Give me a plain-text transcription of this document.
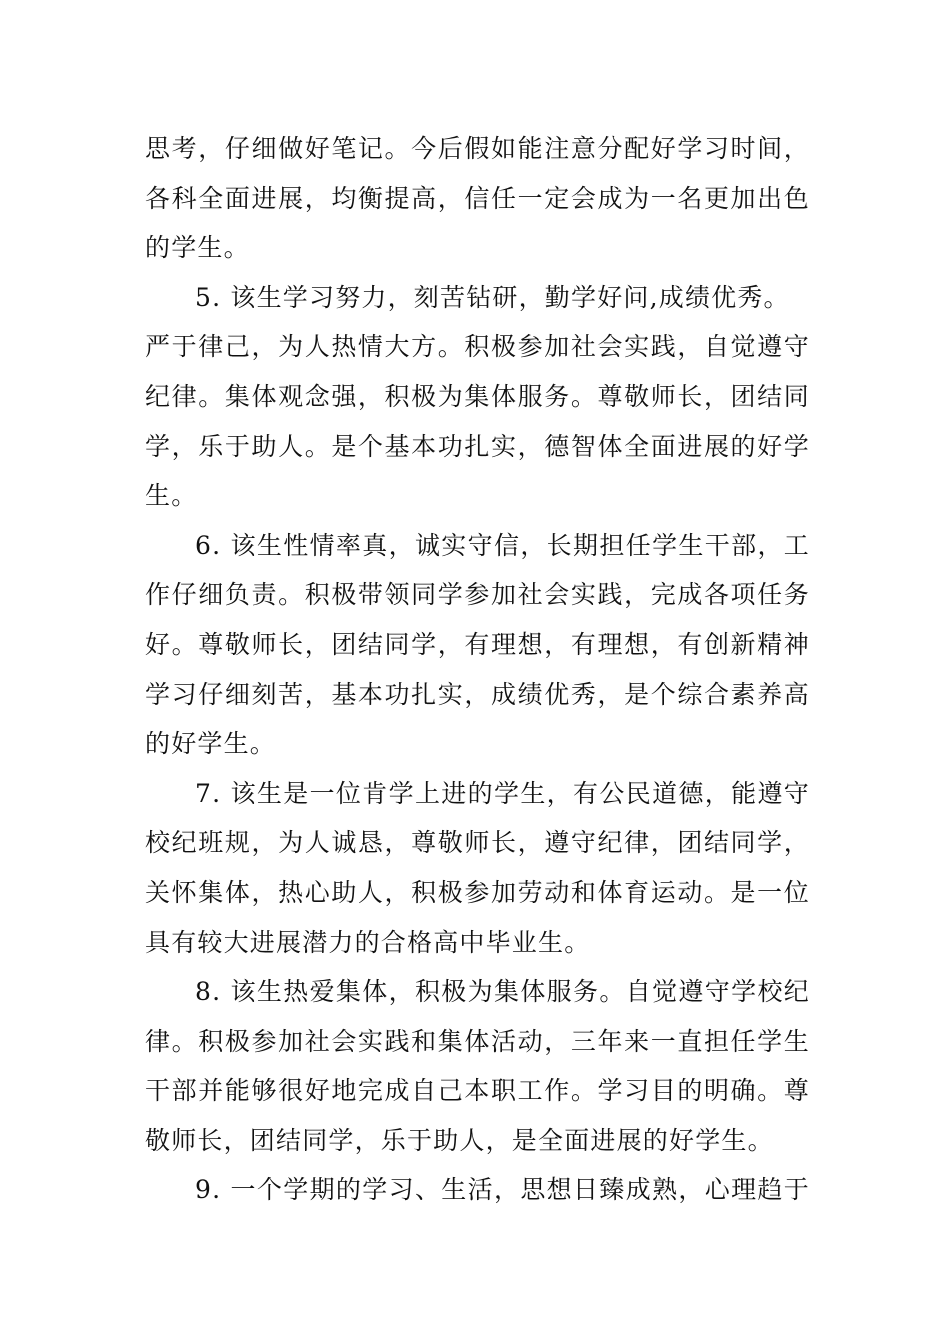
思考，仔细做好笔记。今后假如能注意分配好学习时间，
各科全面进展，均衡提高，信任一定会成为一名更加出色
的学生。

5. 该生学习努力，刻苦钻研，勤学好问,成绩优秀。
严于律己，为人热情大方。积极参加社会实践，自觉遵守
纪律。集体观念强，积极为集体服务。尊敬师长，团结同
学，乐于助人。是个基本功扎实，德智体全面进展的好学
生。

6. 该生性情率真，诚实守信，长期担任学生干部，工
作仔细负责。积极带领同学参加社会实践，完成各项任务
好。尊敬师长，团结同学，有理想，有理想，有创新精神
学习仔细刻苦，基本功扎实，成绩优秀，是个综合素养高
的好学生。

7. 该生是一位肯学上进的学生，有公民道德，能遵守
校纪班规，为人诚恳，尊敬师长，遵守纪律，团结同学，
关怀集体，热心助人，积极参加劳动和体育运动。是一位
具有较大进展潜力的合格高中毕业生。

8. 该生热爱集体，积极为集体服务。自觉遵守学校纪
律。积极参加社会实践和集体活动，三年来一直担任学生
干部并能够很好地完成自己本职工作。学习目的明确。尊
敬师长，团结同学，乐于助人，是全面进展的好学生。

9. 一个学期的学习、生活，思想日臻成熟，心理趋于
